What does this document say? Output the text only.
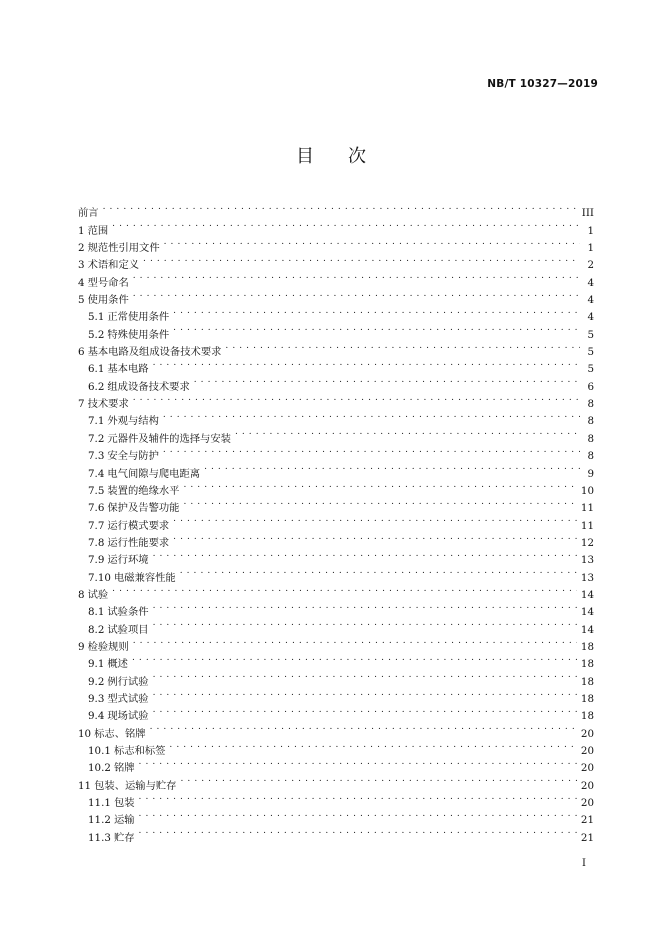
NB/T 10327—2019
目 次
前言 . . .	III
1 范围 . . .	1
2 规范性引用文件 . . .	1
3 术语和定义 . . .	2
4 型号命名 . . .	4
5 使用条件 . . .	4
5.1 正常使用条件 . . .	4
5.2 特殊使用条件 . . .	5
6 基本电路及组成设备技术要求 . . .	5
6.1 基本电路 . . .	5
6.2 组成设备技术要求 . . .	6
7 技术要求 . . .	8
7.1 外观与结构 . . .	8
7.2 元器件及辅件的选择与安装 . . .	8
7.3 安全与防护 . . .	8
7.4 电气间隙与爬电距离 . . .	9
7.5 装置的绝缘水平 . . .	10
7.6 保护及告警功能 . . .	11
7.7 运行模式要求 . . .	11
7.8 运行性能要求 . . .	12
7.9 运行环境 . . .	13
7.10 电磁兼容性能 . . .	13
8 试验 . . .	14
8.1 试验条件 . . .	14
8.2 试验项目 . . .	14
9 检验规则 . . .	18
9.1 概述 . . .	18
9.2 例行试验 . . .	18
9.3 型式试验 . . .	18
9.4 现场试验 . . .	18
10 标志、铭牌 . . .	20
10.1 标志和标签 . . .	20
10.2 铭牌 . . .	20
11 包装、运输与贮存 . . .	20
11.1 包装 . . .	20
11.2 运输 . . .	21
11.3 贮存 . . .	21
I
